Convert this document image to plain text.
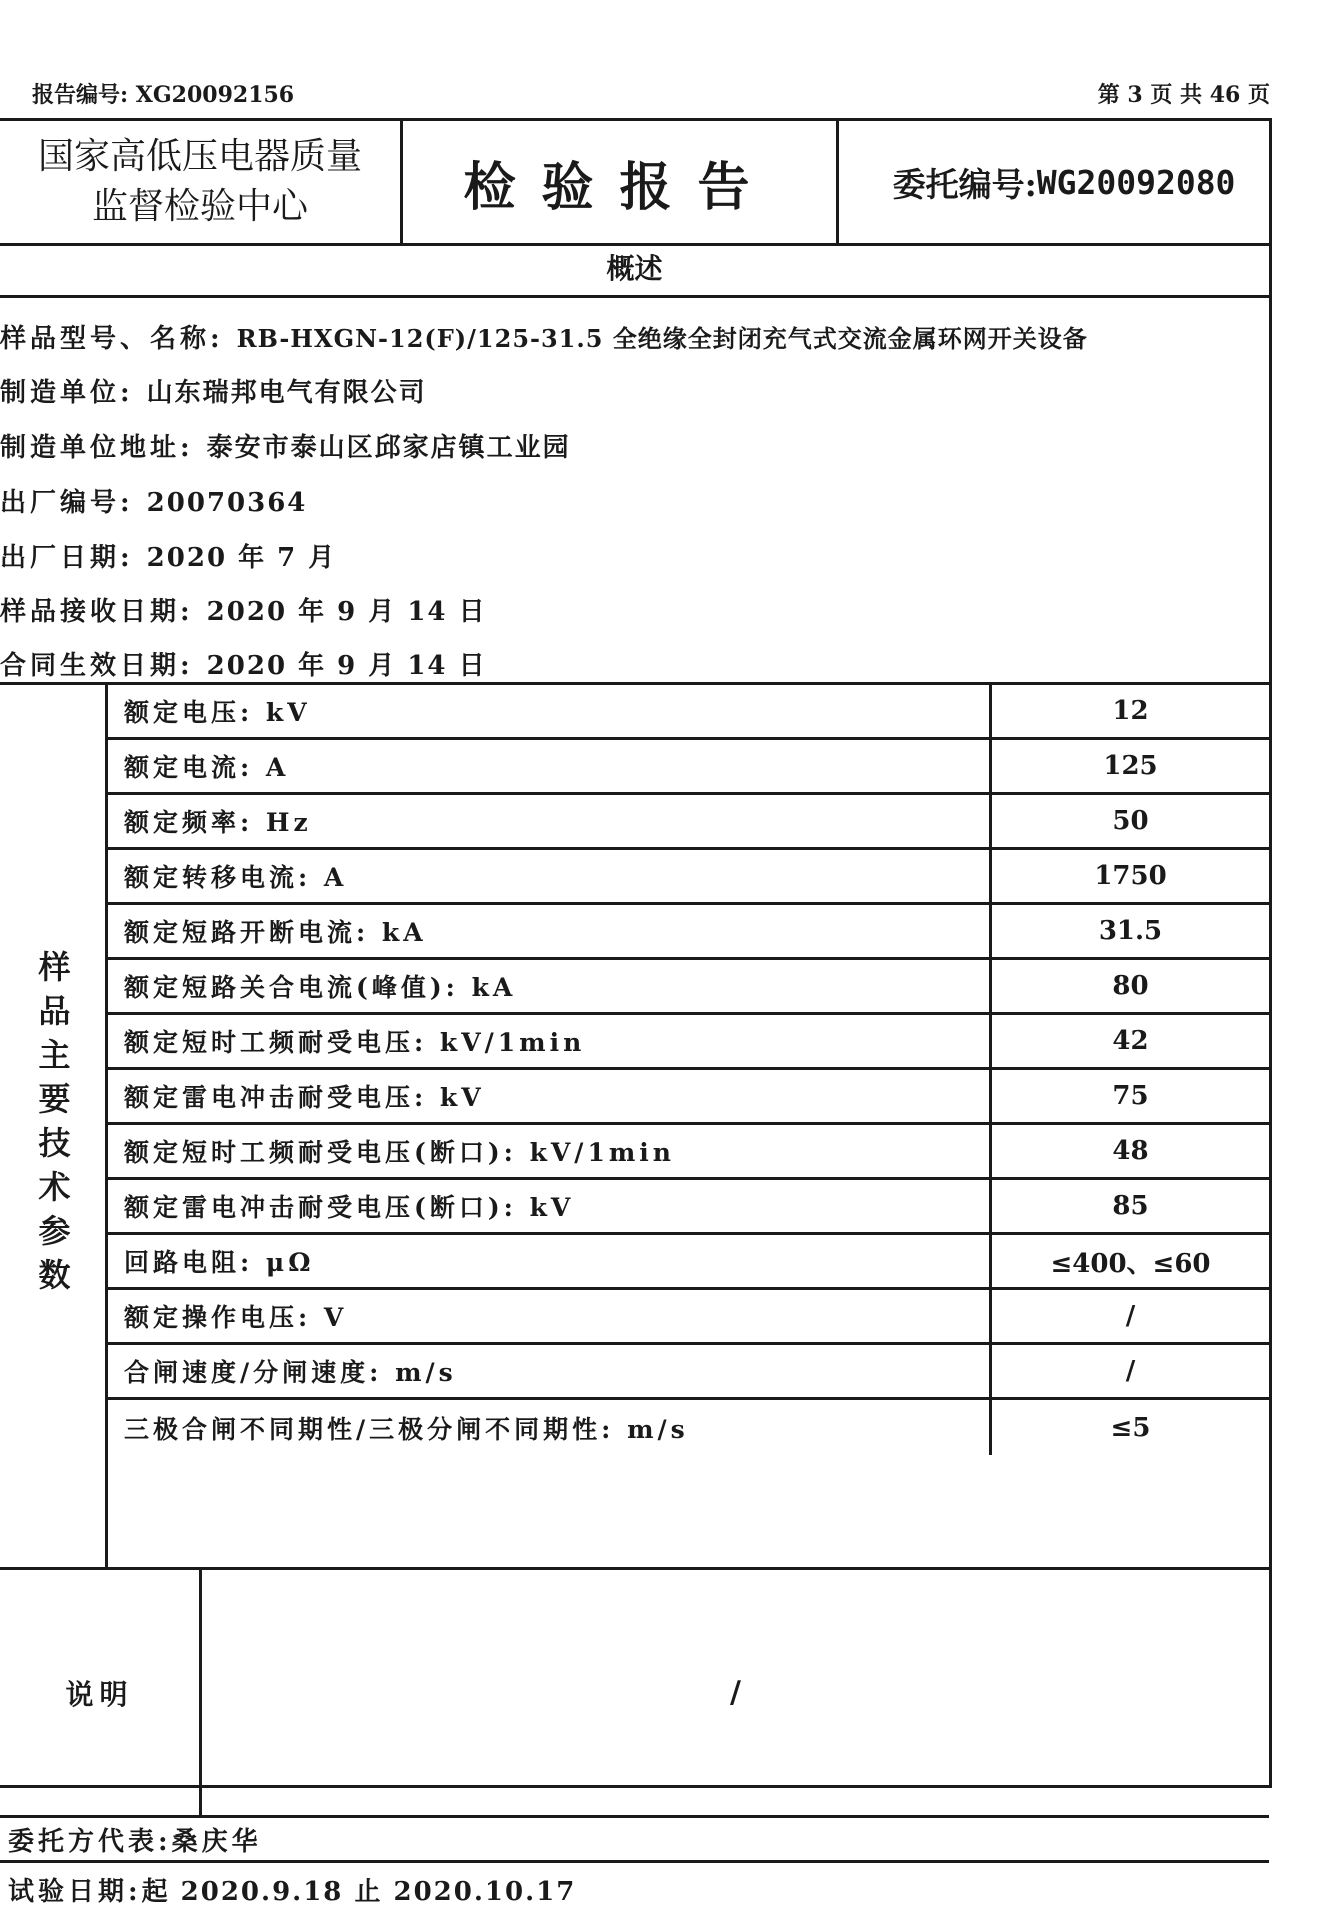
报告编号: XG20092156	第 3 页 共 46 页
国家高低压电器质量
监督检验中心	检验报告	委托编号: WG20092080
概述
样品型号、名称: RB-HXGN-12(F)/125-31.5 全绝缘全封闭充气式交流金属环网开关设备
制造单位: 山东瑞邦电气有限公司
制造单位地址: 泰安市泰山区邱家店镇工业园
出厂编号: 20070364
出厂日期: 2020 年 7 月
样品接收日期: 2020 年 9 月 14 日
合同生效日期: 2020 年 9 月 14 日
样品主要技术参数
额定电压: kV	12
额定电流: A	125
额定频率: Hz	50
额定转移电流: A	1750
额定短路开断电流: kA	31.5
额定短路关合电流(峰值): kA	80
额定短时工频耐受电压: kV/1min	42
额定雷电冲击耐受电压: kV	75
额定短时工频耐受电压(断口): kV/1min	48
额定雷电冲击耐受电压(断口): kV	85
回路电阻: μΩ	≤400、≤60
额定操作电压: V	/
合闸速度/分闸速度: m/s	/
三极合闸不同期性/三极分闸不同期性: m/s	≤5
说明	/
委托方代表: 桑庆华
试验日期: 起 2020.9.18 止 2020.10.17
